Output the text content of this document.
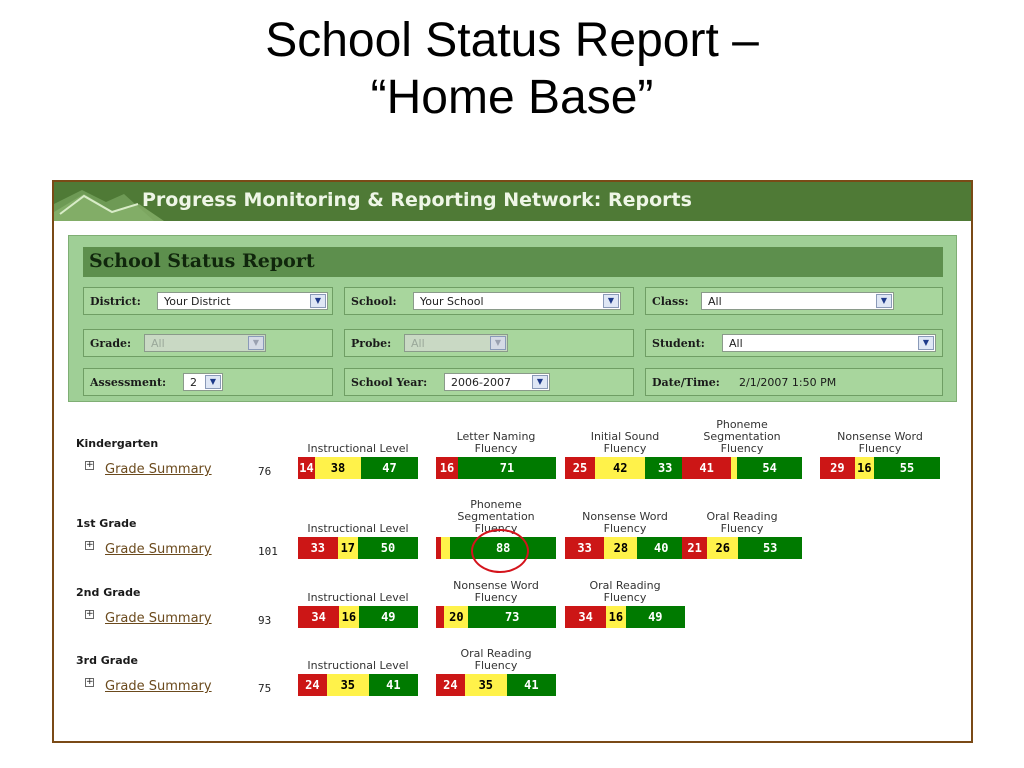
School Status Report –
“Home Base”
Progress Monitoring & Reporting Network: Reports
School Status Report
District: Your District	▼	School: Your School	▼	Class: All	▼
Grade: All	▼	Probe: All	▼	Student: All	▼
Assessment: 2	▼	School Year: 2006-2007	▼	Date/Time: 2/1/2007 1:50 PM
Kindergarten
+ Grade Summary	76
Instructional Level
14	38	47
Letter Naming
Fluency
16	71
Initial Sound
Fluency
25	42	33
Phoneme
Segmentation
Fluency
41	54
Nonsense Word
Fluency
29	16	55
1st Grade
+ Grade Summary	101
Instructional Level
33	17	50
Phoneme
Segmentation
Fluency
88
Nonsense Word
Fluency
33	28	40
Oral Reading
Fluency
21	26	53
2nd Grade
+ Grade Summary	93
Instructional Level
34	16	49
Nonsense Word
Fluency
20	73
Oral Reading
Fluency
34	16	49
3rd Grade
+ Grade Summary	75
Instructional Level
24	35	41
Oral Reading
Fluency
24	35	41
